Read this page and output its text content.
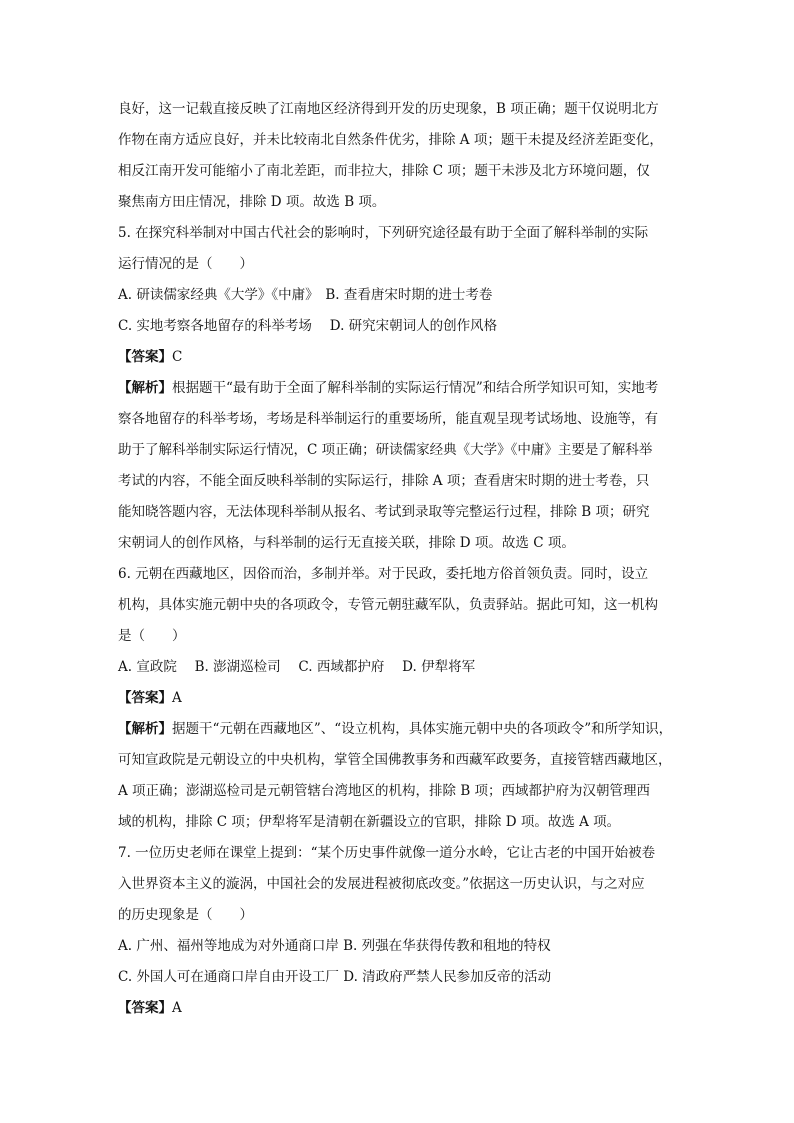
良好，这一记载直接反映了江南地区经济得到开发的历史现象，B 项正确；题干仅说明北方
作物在南方适应良好，并未比较南北自然条件优劣，排除 A 项；题干未提及经济差距变化，
相反江南开发可能缩小了南北差距，而非拉大，排除 C 项；题干未涉及北方环境问题，仅
聚焦南方田庄情况，排除 D 项。故选 B 项。
5. 在探究科举制对中国古代社会的影响时，下列研究途径最有助于全面了解科举制的实际
运行情况的是（　　）
A. 研读儒家经典《大学》《中庸》　B. 查看唐宋时期的进士考卷
C. 实地考察各地留存的科举考场　 D. 研究宋朝词人的创作风格
【答案】C
【解析】根据题干“最有助于全面了解科举制的实际运行情况”和结合所学知识可知，实地考
察各地留存的科举考场，考场是科举制运行的重要场所，能直观呈现考试场地、设施等，有
助于了解科举制实际运行情况，C 项正确；研读儒家经典《大学》《中庸》主要是了解科举
考试的内容，不能全面反映科举制的实际运行，排除 A 项；查看唐宋时期的进士考卷，只
能知晓答题内容，无法体现科举制从报名、考试到录取等完整运行过程，排除 B 项；研究
宋朝词人的创作风格，与科举制的运行无直接关联，排除 D 项。故选 C 项。
6. 元朝在西藏地区，因俗而治，多制并举。对于民政，委托地方俗首领负责。同时，设立
机构，具体实施元朝中央的各项政令，专管元朝驻藏军队，负责驿站。据此可知，这一机构
是（　　）
A. 宣政院　 B. 澎湖巡检司　 C. 西域都护府　 D. 伊犁将军
【答案】A
【解析】据题干“元朝在西藏地区”、“设立机构，具体实施元朝中央的各项政令”和所学知识，
可知宣政院是元朝设立的中央机构，掌管全国佛教事务和西藏军政要务，直接管辖西藏地区，
A 项正确；澎湖巡检司是元朝管辖台湾地区的机构，排除 B 项；西域都护府为汉朝管理西
域的机构，排除 C 项；伊犁将军是清朝在新疆设立的官职，排除 D 项。故选 A 项。
7. 一位历史老师在课堂上提到：“某个历史事件就像一道分水岭，它让古老的中国开始被卷
入世界资本主义的漩涡，中国社会的发展进程被彻底改变。”依据这一历史认识，与之对应
的历史现象是（　　）
A. 广州、福州等地成为对外通商口岸 B. 列强在华获得传教和租地的特权
C. 外国人可在通商口岸自由开设工厂 D. 清政府严禁人民参加反帝的活动
【答案】A
